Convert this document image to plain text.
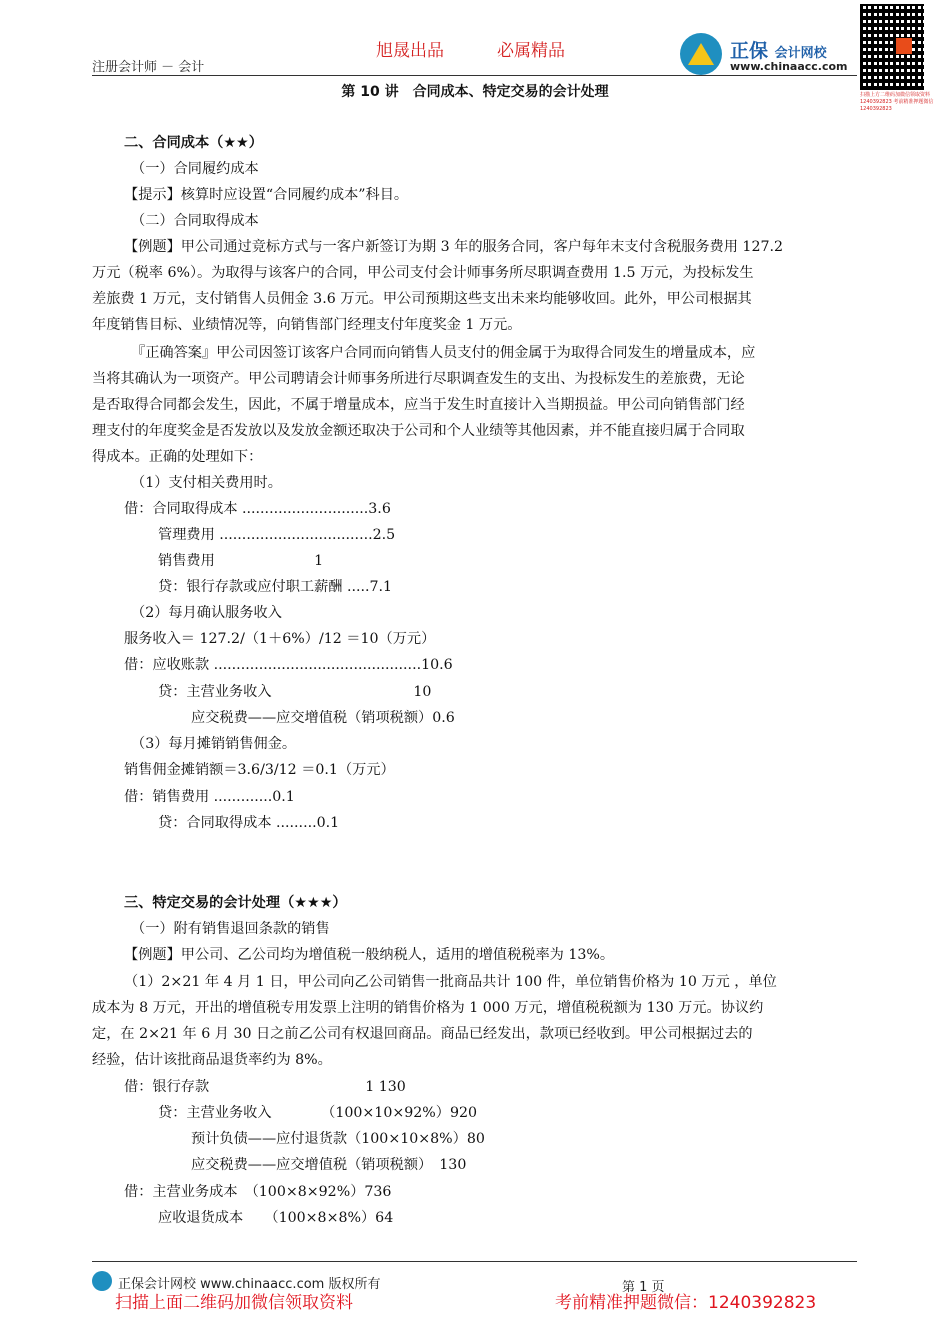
注册会计师 － 会计
旭晟出品	必属精品	正保 会计网校
www.chinaacc.com
扫描上方二维码加微信领取资料 1240392823 考前精准押题微信 1240392823
第 10 讲　合同成本、特定交易的会计处理
二、合同成本（★★）
（一）合同履约成本
【提示】核算时应设置“合同履约成本”科目。
（二）合同取得成本
【例题】甲公司通过竞标方式与一客户新签订为期 3 年的服务合同，客户每年末支付含税服务费用 127.2
万元（税率 6%）。为取得与该客户的合同，甲公司支付会计师事务所尽职调查费用 1.5 万元，为投标发生
差旅费 1 万元，支付销售人员佣金 3.6 万元。甲公司预期这些支出未来均能够收回。此外，甲公司根据其
年度销售目标、业绩情况等，向销售部门经理支付年度奖金 1 万元。
『正确答案』甲公司因签订该客户合同而向销售人员支付的佣金属于为取得合同发生的增量成本，应
当将其确认为一项资产。甲公司聘请会计师事务所进行尽职调查发生的支出、为投标发生的差旅费，无论
是否取得合同都会发生，因此，不属于增量成本，应当于发生时直接计入当期损益。甲公司向销售部门经
理支付的年度奖金是否发放以及发放金额还取决于公司和个人业绩等其他因素，并不能直接归属于合同取
得成本。正确的处理如下：
（1）支付相关费用时。
借：合同取得成本 ............................3.6
管理费用 ..................................2.5
销售费用　　　　　　　1
贷：银行存款或应付职工薪酬 .....7.1
（2）每月确认服务收入
服务收入＝ 127.2/（1＋6%）/12 ＝10（万元）
借：应收账款 ..............................................10.6
贷：主营业务收入　　　　　　　　　　10
应交税费——应交增值税（销项税额）0.6
（3）每月摊销销售佣金。
销售佣金摊销额＝3.6/3/12 ＝0.1（万元）
借：销售费用 .............0.1
贷：合同取得成本 .........0.1
三、特定交易的会计处理（★★★）
（一）附有销售退回条款的销售
【例题】甲公司、乙公司均为增值税一般纳税人，适用的增值税税率为 13%。
（1）2×21 年 4 月 1 日，甲公司向乙公司销售一批商品共计 100 件，单位销售价格为 10 万元 ，单位
成本为 8 万元，开出的增值税专用发票上注明的销售价格为 1 000 万元，增值税税额为 130 万元。协议约
定，在 2×21 年 6 月 30 日之前乙公司有权退回商品。商品已经发出，款项已经收到。甲公司根据过去的
经验，估计该批商品退货率约为 8%。
借：银行存款　　　　　　　　　　　1 130
贷：主营业务收入　　　　（100×10×92%）920
预计负债——应付退货款（100×10×8%）80
应交税费——应交增值税（销项税额）　130
借：主营业务成本　（100×8×92%）736
应收退货成本　　（100×8×8%）64
正保会计网校 www.chinaacc.com 版权所有	第 1 页
扫描上面二维码加微信领取资料	考前精准押题微信：1240392823
